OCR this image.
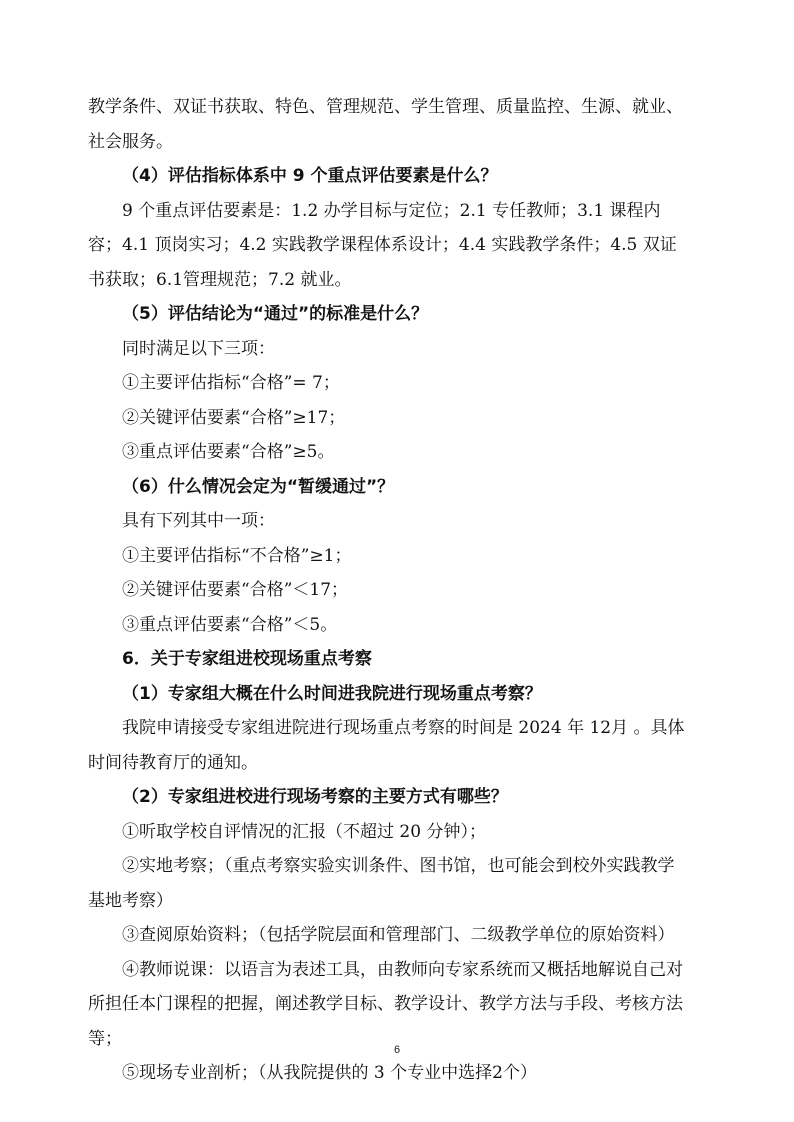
教学条件、双证书获取、特色、管理规范、学生管理、质量监控、生源、就业、社会服务。

（4）评估指标体系中 9 个重点评估要素是什么？

9 个重点评估要素是：1.2 办学目标与定位；2.1 专任教师；3.1 课程内容；4.1 顶岗实习；4.2 实践教学课程体系设计；4.4 实践教学条件；4.5 双证书获取；6.1管理规范；7.2 就业。

（5）评估结论为“通过”的标准是什么？

同时满足以下三项：

①主要评估指标“合格”= 7；

②关键评估要素“合格”≥17；

③重点评估要素“合格”≥5。

（6）什么情况会定为“暂缓通过”？

具有下列其中一项：

①主要评估指标“不合格”≥1；

②关键评估要素“合格”＜17；

③重点评估要素“合格”＜5。

6．关于专家组进校现场重点考察

（1）专家组大概在什么时间进我院进行现场重点考察？

我院申请接受专家组进院进行现场重点考察的时间是 2024 年 12月 。具体时间待教育厅的通知。

（2）专家组进校进行现场考察的主要方式有哪些？

①听取学校自评情况的汇报（不超过 20 分钟）；

②实地考察；（重点考察实验实训条件、图书馆，也可能会到校外实践教学基地考察）

③查阅原始资料；（包括学院层面和管理部门、二级教学单位的原始资料）

④教师说课：以语言为表述工具，由教师向专家系统而又概括地解说自己对所担任本门课程的把握，阐述教学目标、教学设计、教学方法与手段、考核方法等；

⑤现场专业剖析；（从我院提供的 3 个专业中选择2个）

6
